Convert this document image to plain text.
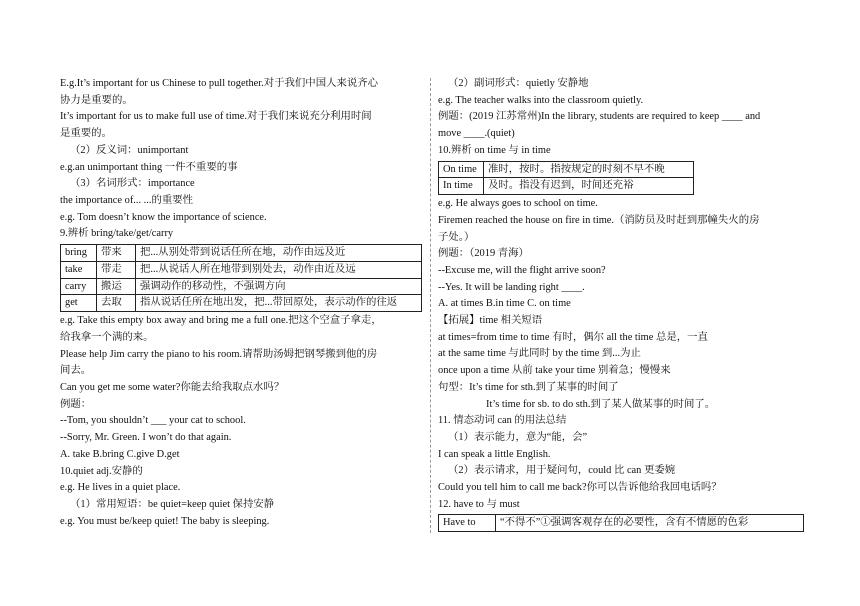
E.g.It’s important for us Chinese to pull together.对于我们中国人来说齐心
协力是重要的。
It’s important for us to make full use of time.对于我们来说充分利用时间
是重要的。
（2）反义词：unimportant
e.g.an unimportant thing 一件不重要的事
（3）名词形式：importance
the importance of... ...的重要性
e.g. Tom doesn’t know the importance of science.
9.辨析 bring/take/get/carry
bring	带来	把...从别处带到说话任所在地，动作由远及近
take	带走	把...从说话人所在地带到别处去，动作由近及远
carry	搬运	强调动作的移动性，不强调方向
get	去取	指从说话任所在地出发，把...带回原处，表示动作的往返
e.g. Take this empty box away and bring me a full one.把这个空盒子拿走，
给我拿一个满的来。
Please help Jim carry the piano to his room.请帮助汤姆把钢琴搬到他的房
间去。
Can you get me some water?你能去给我取点水吗？
例题：
--Tom, you shouldn’t ___ your cat to school.
--Sorry, Mr. Green. I won’t do that again.
A. take B.bring C.give D.get
10.quiet adj.安静的
e.g. He lives in a quiet place.
（1）常用短语：be quiet=keep quiet 保持安静
e.g. You must be/keep quiet! The baby is sleeping.
（2）副词形式：quietly 安静地
e.g. The teacher walks into the classroom quietly.
例题：(2019 江苏常州)In the library, students are required to keep ____ and
move ____.(quiet)
10.辨析 on time 与 in time
On time	准时，按时。指按规定的时刻不早不晚
In time	及时。指没有迟到，时间还充裕
e.g. He always goes to school on time.
Firemen reached the house on fire in time.（消防员及时赶到那幢失火的房
子处。）
例题：（2019 青海）
--Excuse me, will the flight arrive soon?
--Yes. It will be landing right ____.
A. at times B.in time C. on time
【拓展】time 相关短语
at times=from time to time 有时，偶尔 all the time 总是，一直
at the same time 与此同时 by the time 到...为止
once upon a time 从前 take your time 别着急；慢慢来
句型：It’s time for sth.到了某事的时间了
It’s time for sb. to do sth.到了某人做某事的时间了。
11. 情态动词 can 的用法总结
（1）表示能力，意为“能，会”
I can speak a little English.
（2）表示请求，用于疑问句，could 比 can 更委婉
Could you tell him to call me back?你可以告诉他给我回电话吗？
12. have to 与 must
Have to	“不得不”①强调客观存在的必要性，含有不情愿的色彩
